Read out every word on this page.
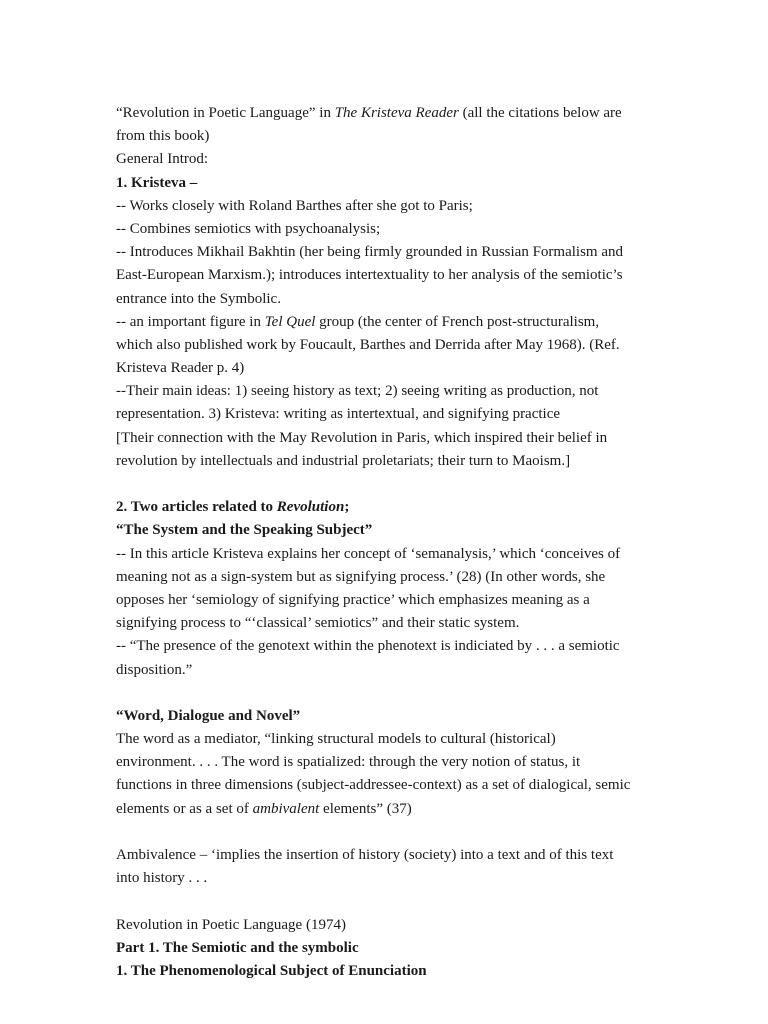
“Revolution in Poetic Language” in The Kristeva Reader (all the citations below are
from this book)
General Introd:
1. Kristeva –
-- Works closely with Roland Barthes after she got to Paris;
-- Combines semiotics with psychoanalysis;
-- Introduces Mikhail Bakhtin (her being firmly grounded in Russian Formalism and
East-European Marxism.); introduces intertextuality to her analysis of the semiotic’s
entrance into the Symbolic.
-- an important figure in Tel Quel group (the center of French post-structuralism,
which also published work by Foucault, Barthes and Derrida after May 1968). (Ref.
Kristeva Reader p. 4)
--Their main ideas: 1) seeing history as text; 2) seeing writing as production, not
representation. 3) Kristeva: writing as intertextual, and signifying practice
[Their connection with the May Revolution in Paris, which inspired their belief in
revolution by intellectuals and industrial proletariats; their turn to Maoism.]
2. Two articles related to Revolution;
“The System and the Speaking Subject”
-- In this article Kristeva explains her concept of ‘semanalysis,’ which ‘conceives of
meaning not as a sign-system but as signifying process.’ (28) (In other words, she
opposes her ‘semiology of signifying practice’ which emphasizes meaning as a
signifying process to “‘classical’ semiotics” and their static system.
-- “The presence of the genotext within the phenotext is indiciated by . . . a semiotic
disposition.”
“Word, Dialogue and Novel”
The word as a mediator, “linking structural models to cultural (historical)
environment. . . . The word is spatialized: through the very notion of status, it
functions in three dimensions (subject-addressee-context) as a set of dialogical, semic
elements or as a set of ambivalent elements” (37)
Ambivalence – ‘implies the insertion of history (society) into a text and of this text
into history . . .
Revolution in Poetic Language (1974)
Part 1. The Semiotic and the symbolic
1. The Phenomenological Subject of Enunciation
